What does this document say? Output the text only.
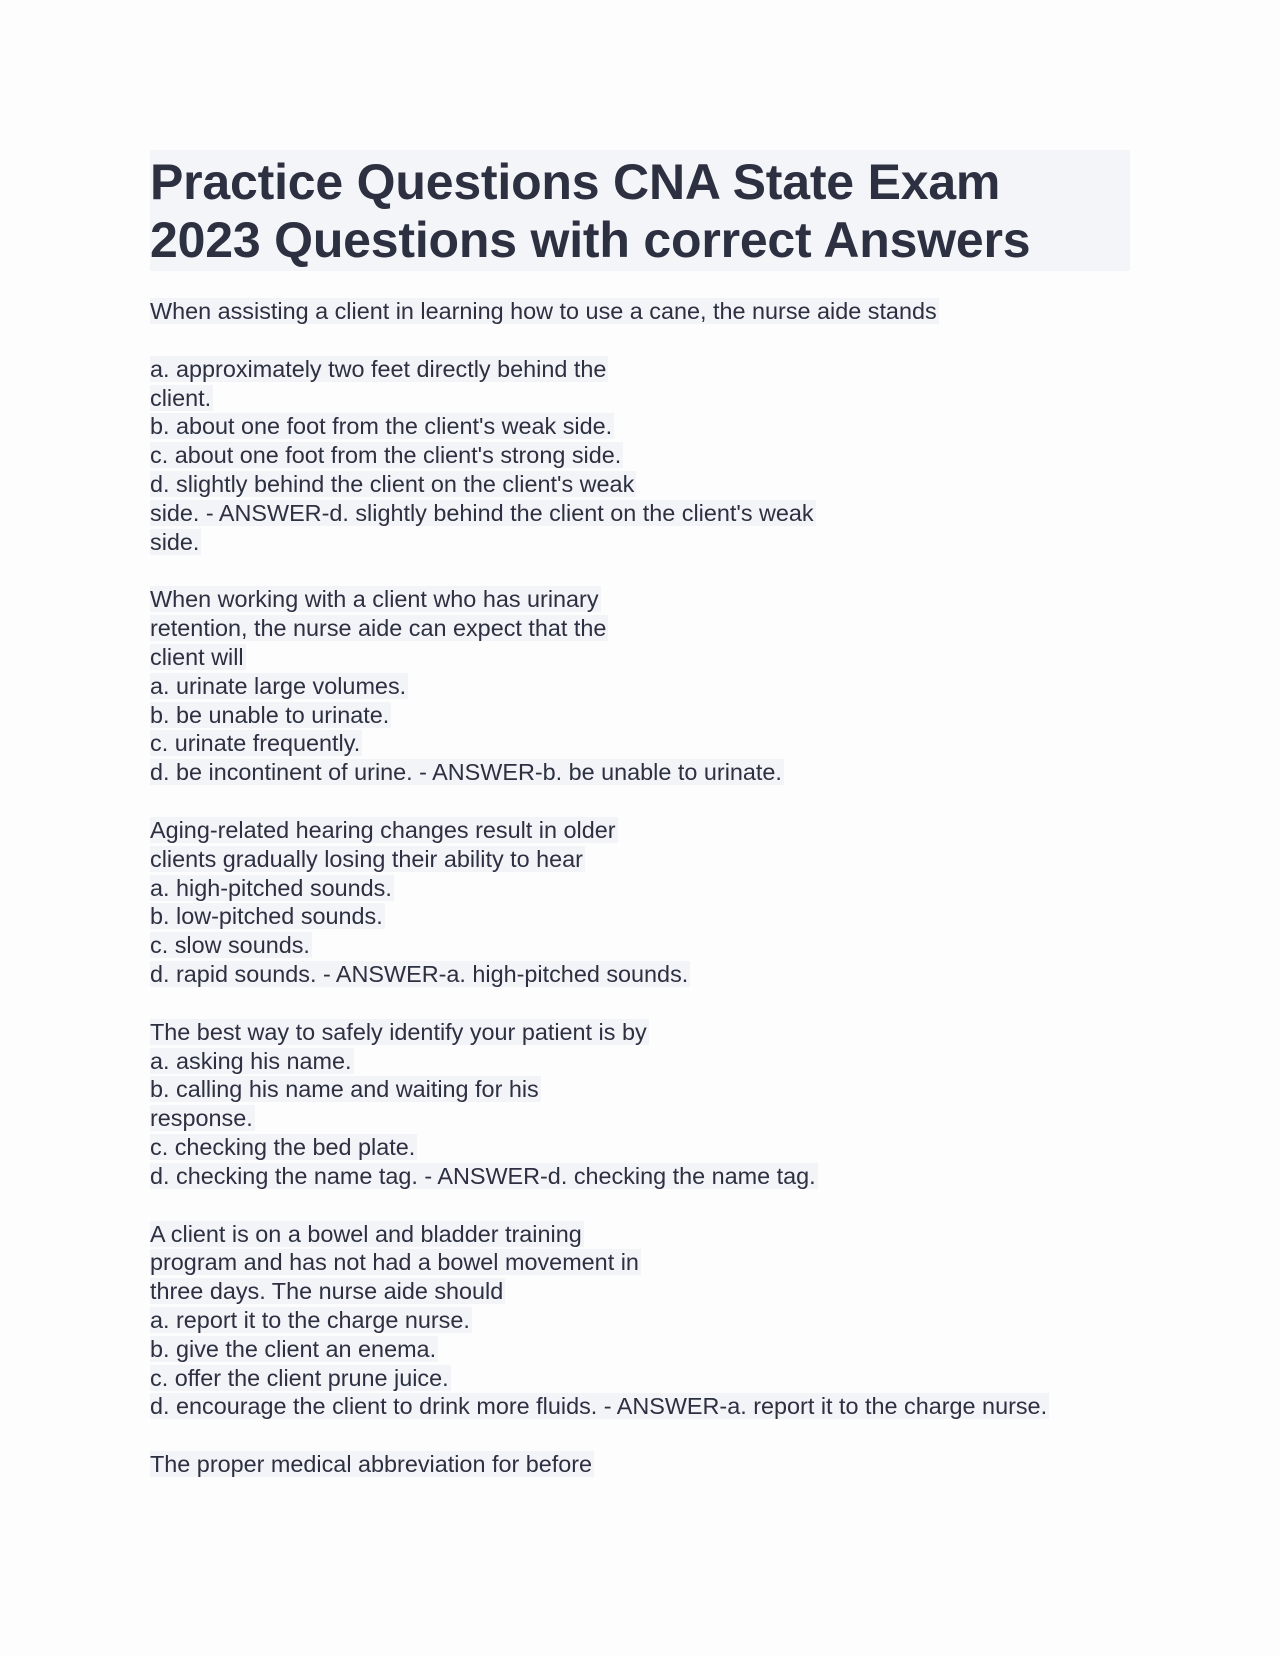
Practice Questions CNA State Exam
2023 Questions with correct Answers
When assisting a client in learning how to use a cane, the nurse aide stands
a. approximately two feet directly behind the
client.
b. about one foot from the client's weak side.
c. about one foot from the client's strong side.
d. slightly behind the client on the client's weak
side. - ANSWER-d. slightly behind the client on the client's weak
side.
When working with a client who has urinary
retention, the nurse aide can expect that the
client will
a. urinate large volumes.
b. be unable to urinate.
c. urinate frequently.
d. be incontinent of urine. - ANSWER-b. be unable to urinate.
Aging-related hearing changes result in older
clients gradually losing their ability to hear
a. high-pitched sounds.
b. low-pitched sounds.
c. slow sounds.
d. rapid sounds. - ANSWER-a. high-pitched sounds.
The best way to safely identify your patient is by
a. asking his name.
b. calling his name and waiting for his
response.
c. checking the bed plate.
d. checking the name tag. - ANSWER-d. checking the name tag.
A client is on a bowel and bladder training
program and has not had a bowel movement in
three days. The nurse aide should
a. report it to the charge nurse.
b. give the client an enema.
c. offer the client prune juice.
d. encourage the client to drink more fluids. - ANSWER-a. report it to the charge nurse.
The proper medical abbreviation for before
